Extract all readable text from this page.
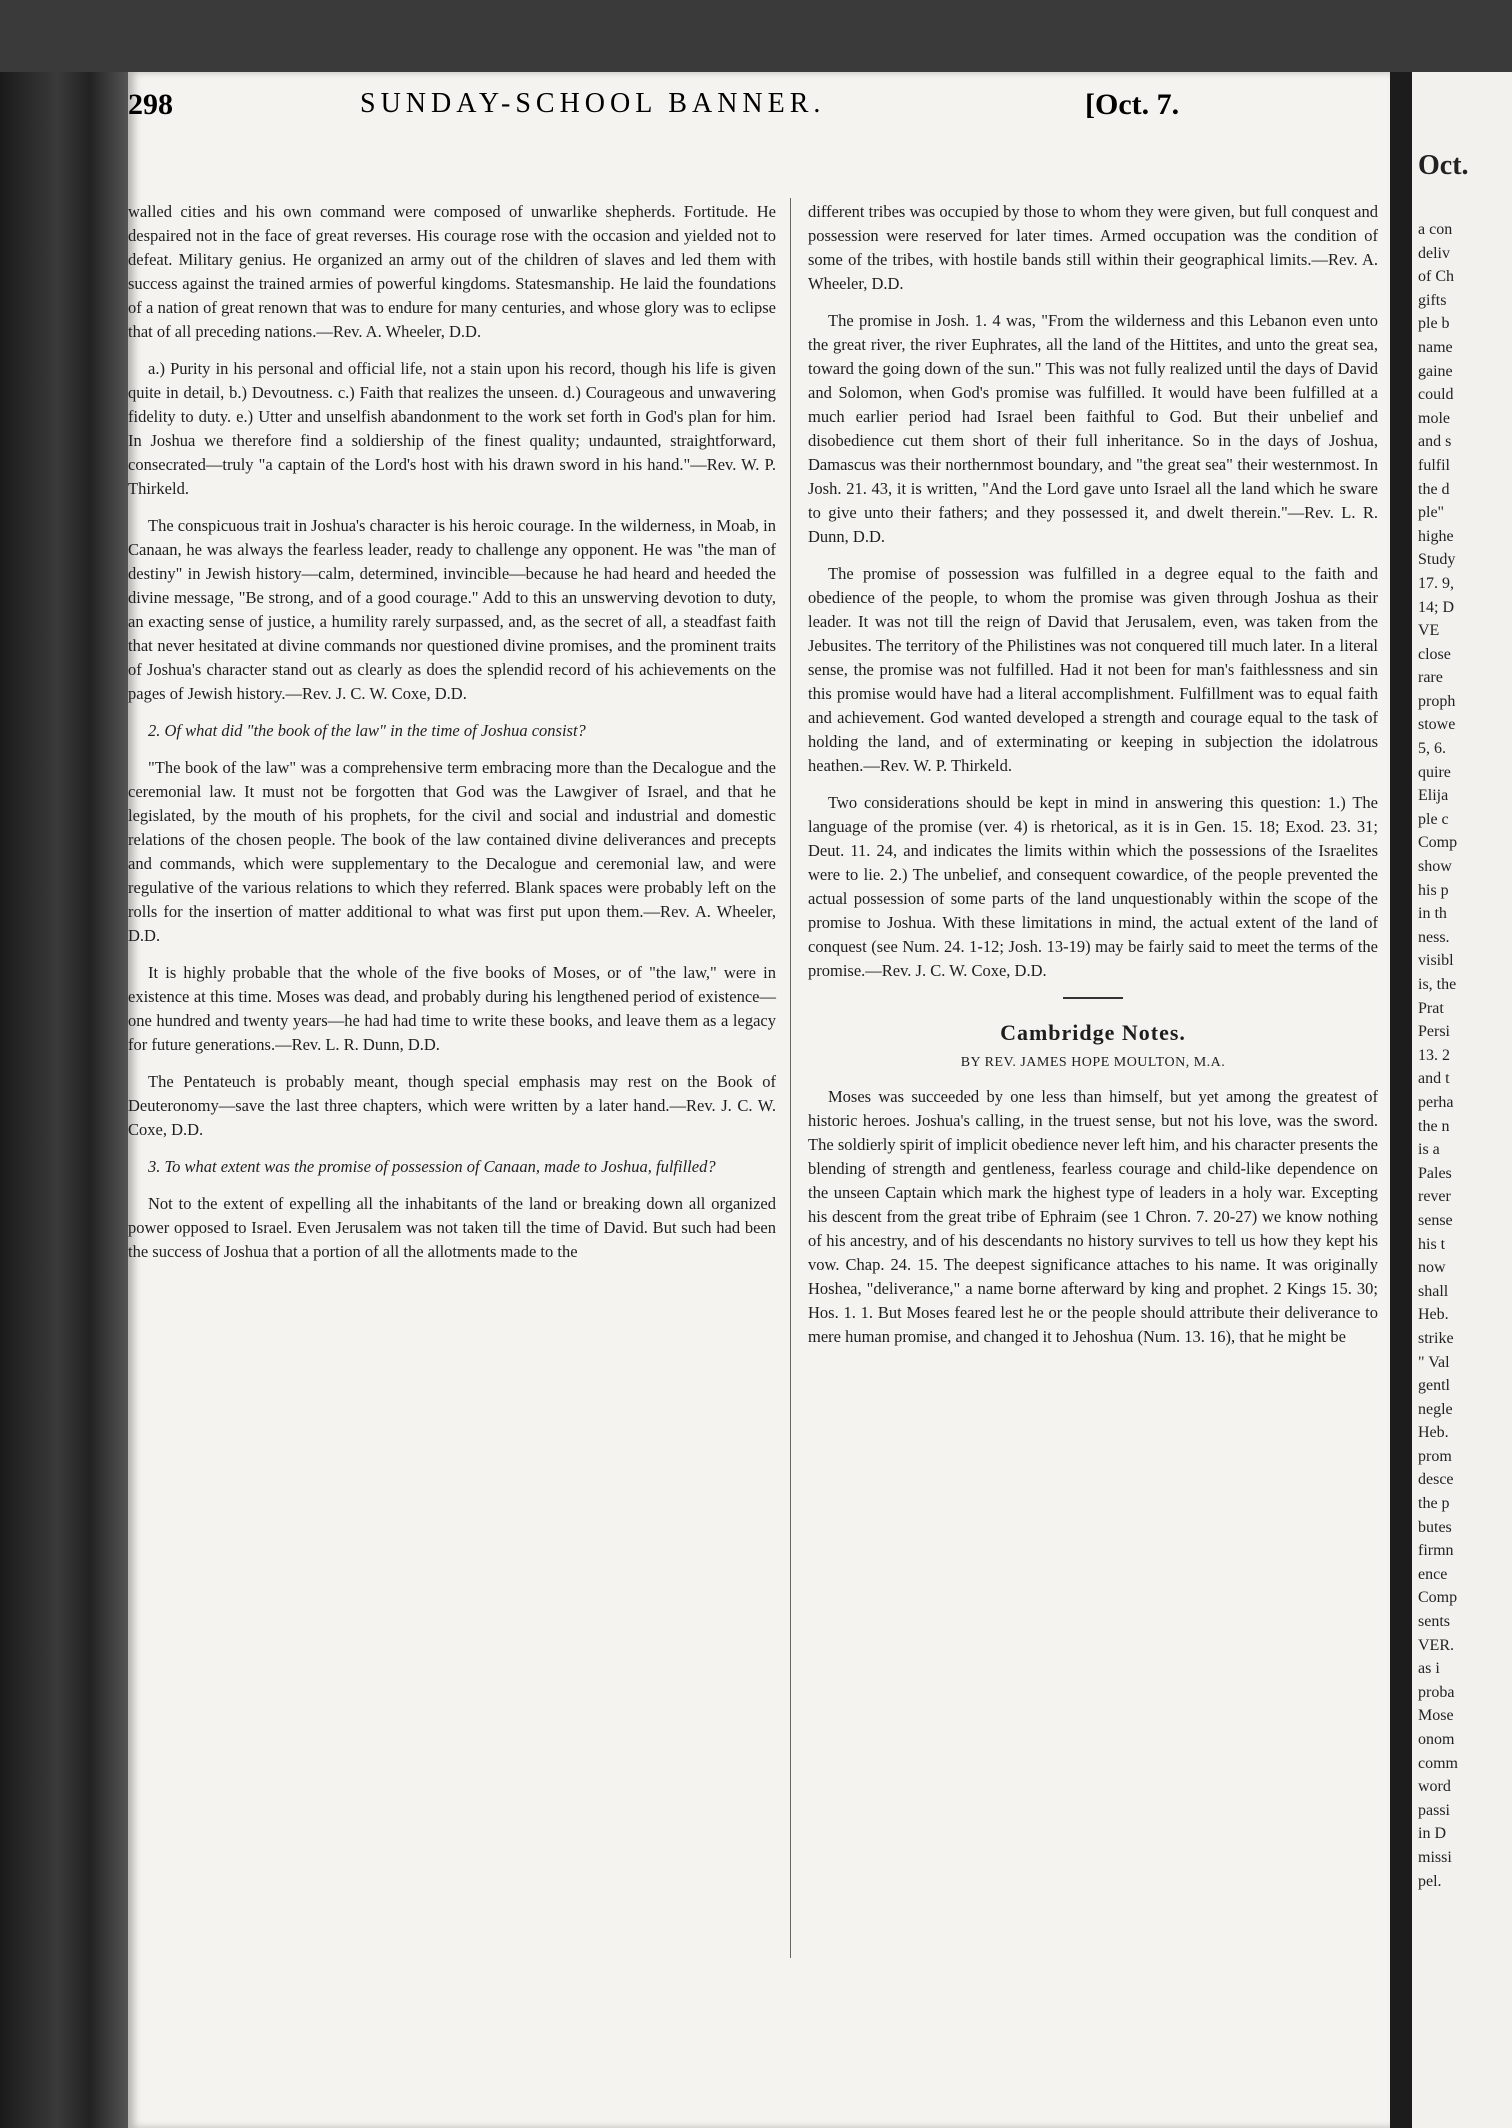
298	SUNDAY-SCHOOL BANNER.	[Oct. 7.

walled cities and his own command were composed of unwarlike shepherds. Fortitude. He despaired not in the face of great reverses. His courage rose with the occasion and yielded not to defeat. Military genius. He organized an army out of the children of slaves and led them with success against the trained armies of powerful kingdoms. Statesmanship. He laid the foundations of a nation of great renown that was to endure for many centuries, and whose glory was to eclipse that of all preceding nations.—Rev. A. Wheeler, D.D.

a.) Purity in his personal and official life, not a stain upon his record, though his life is given quite in detail, b.) Devoutness. c.) Faith that realizes the unseen. d.) Courageous and unwavering fidelity to duty. e.) Utter and unselfish abandonment to the work set forth in God's plan for him. In Joshua we therefore find a soldiership of the finest quality; undaunted, straightforward, consecrated—truly "a captain of the Lord's host with his drawn sword in his hand."—Rev. W. P. Thirkeld.

The conspicuous trait in Joshua's character is his heroic courage. In the wilderness, in Moab, in Canaan, he was always the fearless leader, ready to challenge any opponent. He was "the man of destiny" in Jewish history—calm, determined, invincible—because he had heard and heeded the divine message, "Be strong, and of a good courage." Add to this an unswerving devotion to duty, an exacting sense of justice, a humility rarely surpassed, and, as the secret of all, a steadfast faith that never hesitated at divine commands nor questioned divine promises, and the prominent traits of Joshua's character stand out as clearly as does the splendid record of his achievements on the pages of Jewish history.—Rev. J. C. W. Coxe, D.D.

2. Of what did "the book of the law" in the time of Joshua consist?

"The book of the law" was a comprehensive term embracing more than the Decalogue and the ceremonial law. It must not be forgotten that God was the Lawgiver of Israel, and that he legislated, by the mouth of his prophets, for the civil and social and industrial and domestic relations of the chosen people. The book of the law contained divine deliverances and precepts and commands, which were supplementary to the Decalogue and ceremonial law, and were regulative of the various relations to which they referred. Blank spaces were probably left on the rolls for the insertion of matter additional to what was first put upon them.—Rev. A. Wheeler, D.D.

It is highly probable that the whole of the five books of Moses, or of "the law," were in existence at this time. Moses was dead, and probably during his lengthened period of existence—one hundred and twenty years—he had had time to write these books, and leave them as a legacy for future generations.—Rev. L. R. Dunn, D.D.

The Pentateuch is probably meant, though special emphasis may rest on the Book of Deuteronomy—save the last three chapters, which were written by a later hand.—Rev. J. C. W. Coxe, D.D.

3. To what extent was the promise of possession of Canaan, made to Joshua, fulfilled?

Not to the extent of expelling all the inhabitants of the land or breaking down all organized power opposed to Israel. Even Jerusalem was not taken till the time of David. But such had been the success of Joshua that a portion of all the allotments made to the

different tribes was occupied by those to whom they were given, but full conquest and possession were reserved for later times. Armed occupation was the condition of some of the tribes, with hostile bands still within their geographical limits.—Rev. A. Wheeler, D.D.

The promise in Josh. 1. 4 was, "From the wilderness and this Lebanon even unto the great river, the river Euphrates, all the land of the Hittites, and unto the great sea, toward the going down of the sun." This was not fully realized until the days of David and Solomon, when God's promise was fulfilled. It would have been fulfilled at a much earlier period had Israel been faithful to God. But their unbelief and disobedience cut them short of their full inheritance. So in the days of Joshua, Damascus was their northernmost boundary, and "the great sea" their westernmost. In Josh. 21. 43, it is written, "And the Lord gave unto Israel all the land which he sware to give unto their fathers; and they possessed it, and dwelt therein."—Rev. L. R. Dunn, D.D.

The promise of possession was fulfilled in a degree equal to the faith and obedience of the people, to whom the promise was given through Joshua as their leader. It was not till the reign of David that Jerusalem, even, was taken from the Jebusites. The territory of the Philistines was not conquered till much later. In a literal sense, the promise was not fulfilled. Had it not been for man's faithlessness and sin this promise would have had a literal accomplishment. Fulfillment was to equal faith and achievement. God wanted developed a strength and courage equal to the task of holding the land, and of exterminating or keeping in subjection the idolatrous heathen.—Rev. W. P. Thirkeld.

Two considerations should be kept in mind in answering this question: 1.) The language of the promise (ver. 4) is rhetorical, as it is in Gen. 15. 18; Exod. 23. 31; Deut. 11. 24, and indicates the limits within which the possessions of the Israelites were to lie. 2.) The unbelief, and consequent cowardice, of the people prevented the actual possession of some parts of the land unquestionably within the scope of the promise to Joshua. With these limitations in mind, the actual extent of the land of conquest (see Num. 24. 1-12; Josh. 13-19) may be fairly said to meet the terms of the promise.—Rev. J. C. W. Coxe, D.D.

Cambridge Notes.
BY REV. JAMES HOPE MOULTON, M.A.

Moses was succeeded by one less than himself, but yet among the greatest of historic heroes. Joshua's calling, in the truest sense, but not his love, was the sword. The soldierly spirit of implicit obedience never left him, and his character presents the blending of strength and gentleness, fearless courage and child-like dependence on the unseen Captain which mark the highest type of leaders in a holy war. Excepting his descent from the great tribe of Ephraim (see 1 Chron. 7. 20-27) we know nothing of his ancestry, and of his descendants no history survives to tell us how they kept his vow. Chap. 24. 15. The deepest significance attaches to his name. It was originally Hoshea, "deliverance," a name borne afterward by king and prophet. 2 Kings 15. 30; Hos. 1. 1. But Moses feared lest he or the people should attribute their deliverance to mere human promise, and changed it to Jehoshua (Num. 13. 16), that he might be

Oct.
a con
deliv
of Ch
gifts
ple b
name
gaine
could
mole
and s
fulfil
the d
ple"
highe
Study
17. 9,
14; D
VE
close
rare
proph
stowe
5, 6.
quire
Elija
ple c
Comp
show
his p
in th
ness.
visibl
is, the
Prat
Persi
13. 2
and t
perha
the n
is a
Pales
rever
sense
his t
now
shall
Heb.
strike
" Val
gentl
negle
Heb.
prom
desce
the p
butes
firmn
ence
Comp
sents
VER.
as i
proba
Mose
onom
comm
word
passi
in D
missi
pel.
